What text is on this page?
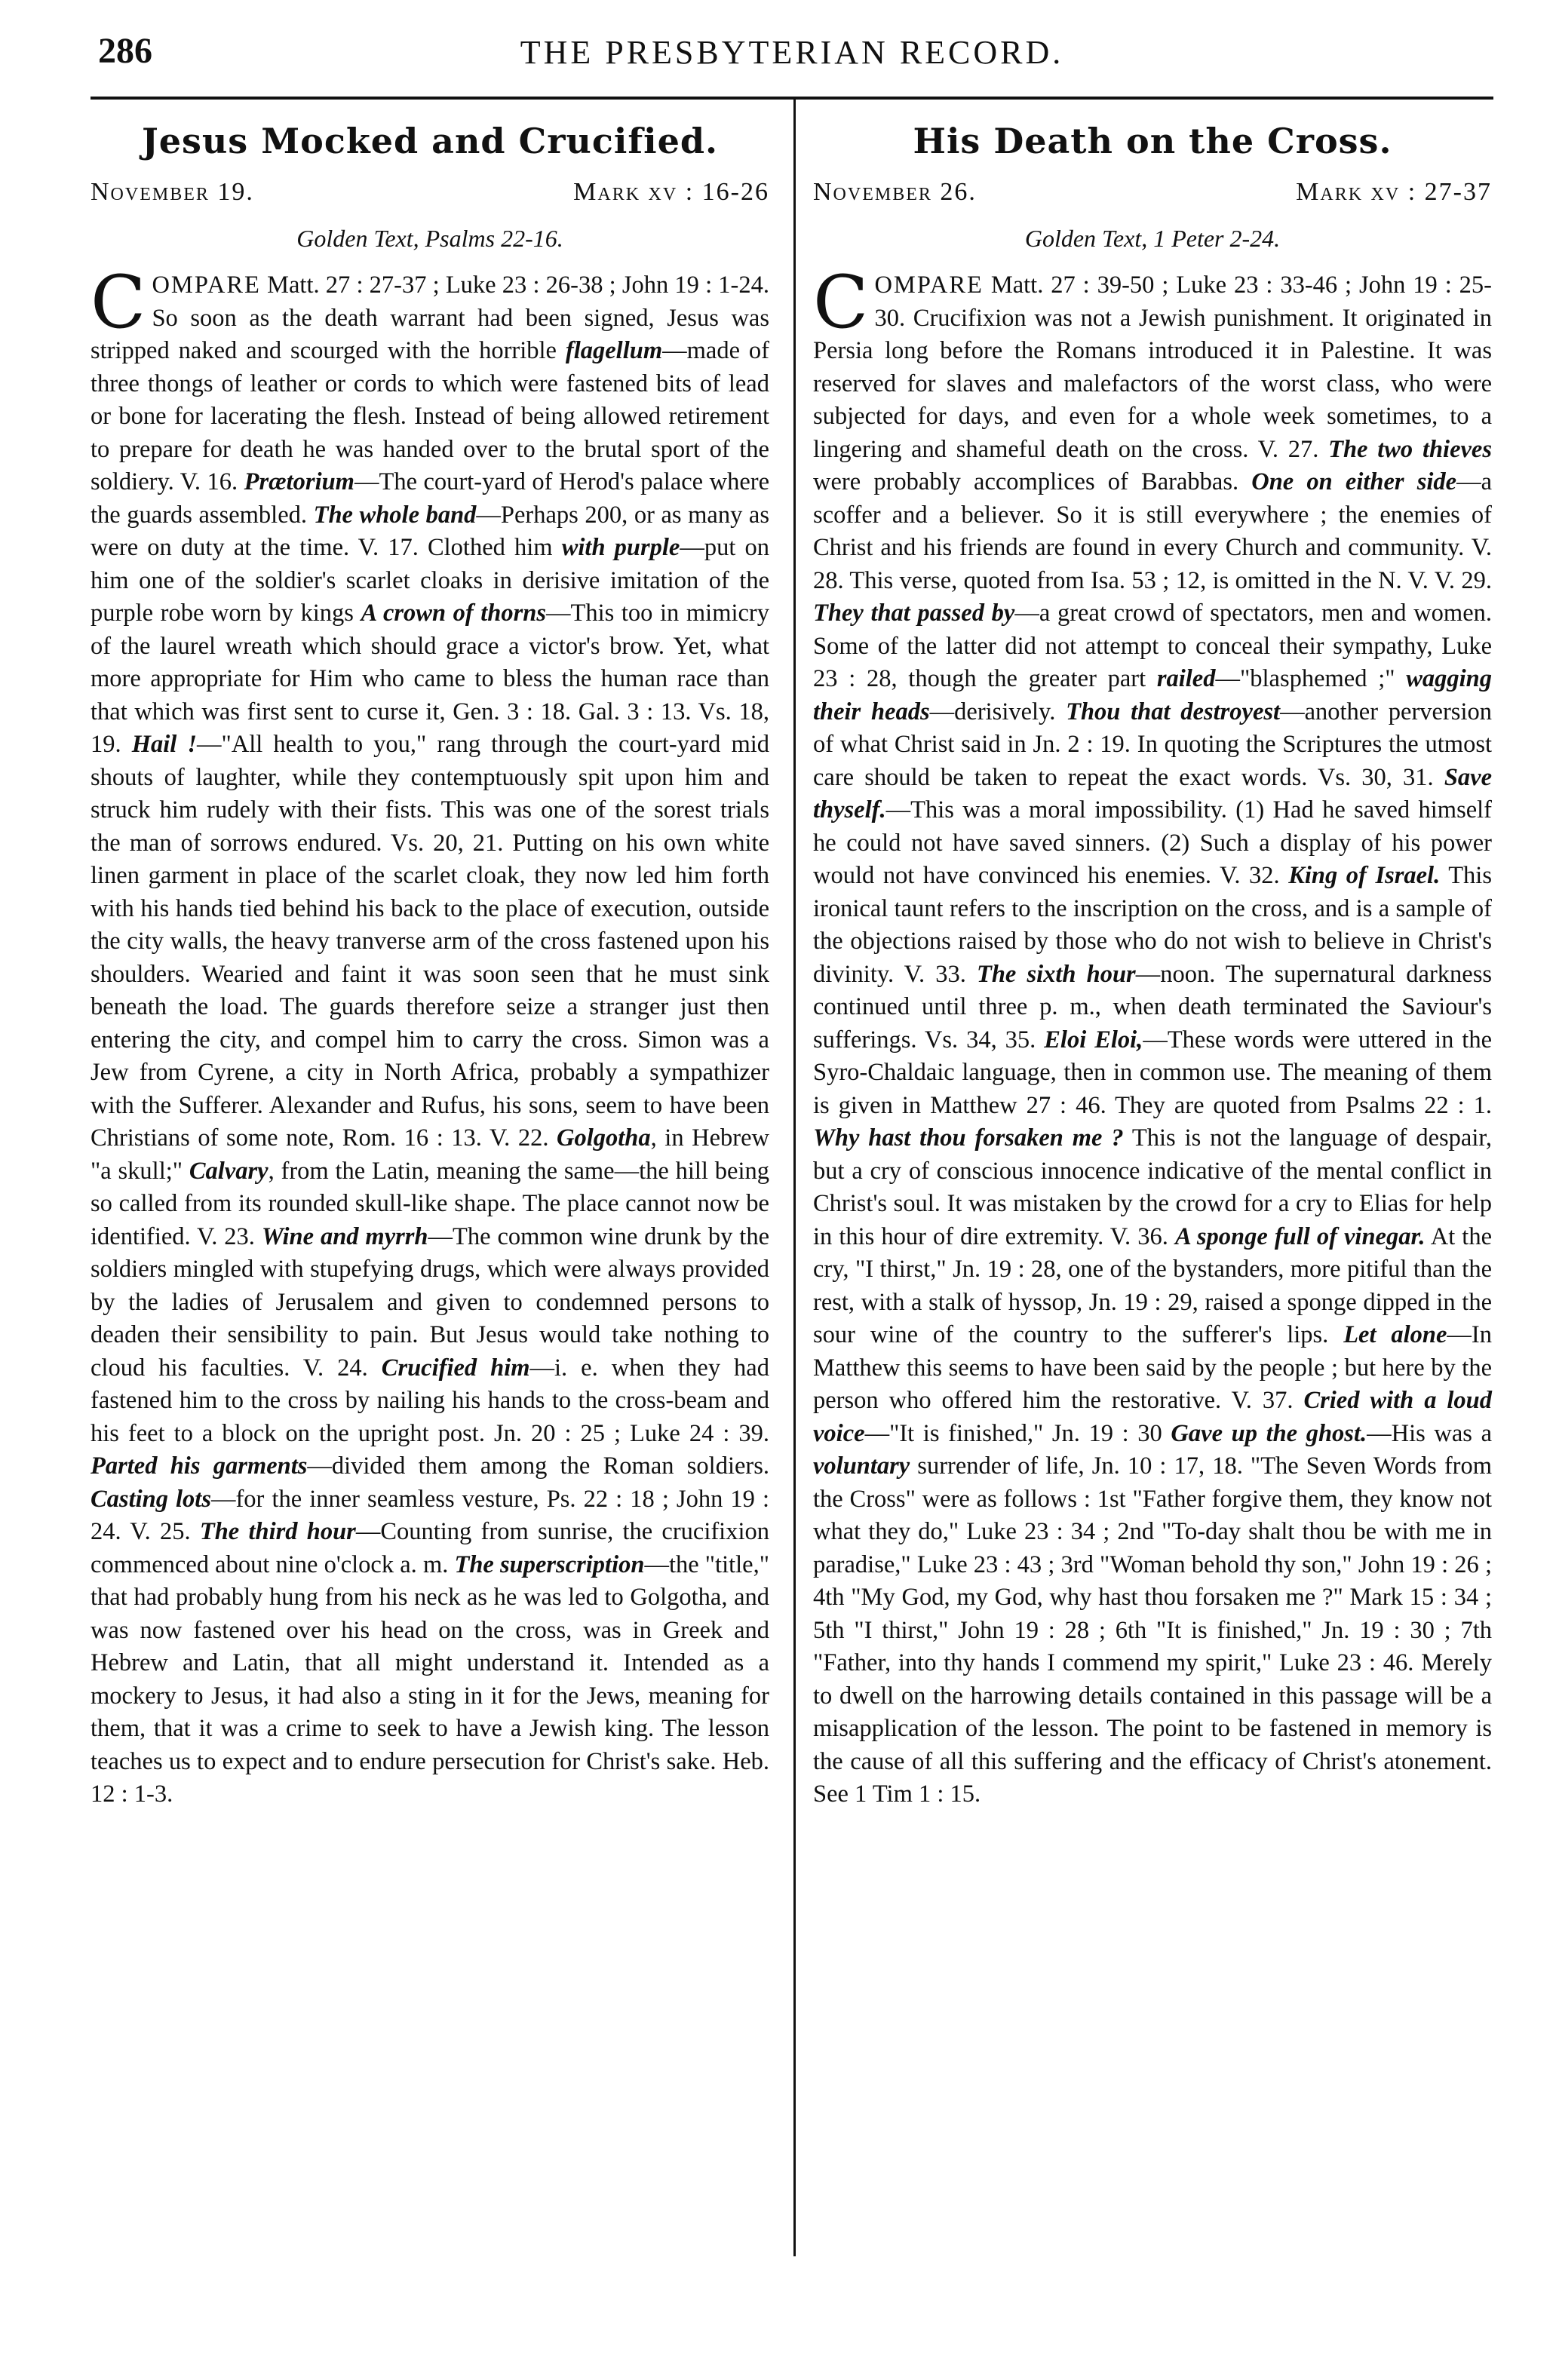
286	THE PRESBYTERIAN RECORD.
Jesus Mocked and Crucified.
November 19.	Mark xv : 16-26
Golden Text, Psalms 22-16.

COMPARE Matt. 27 : 27-37 ; Luke 23 : 26-38 ; John 19 : 1-24. So soon as the death warrant had been signed, Jesus was stripped naked and scourged with the horrible flagellum—made of three thongs of leather or cords to which were fastened bits of lead or bone for lacerating the flesh. Instead of being allowed retirement to prepare for death he was handed over to the brutal sport of the soldiery. V. 16. Prætorium—The court-yard of Herod's palace where the guards assembled. The whole band—Perhaps 200, or as many as were on duty at the time. V. 17. Clothed him with purple—put on him one of the soldier's scarlet cloaks in derisive imitation of the purple robe worn by kings A crown of thorns—This too in mimicry of the laurel wreath which should grace a victor's brow. Yet, what more appropriate for Him who came to bless the human race than that which was first sent to curse it, Gen. 3 : 18. Gal. 3 : 13. Vs. 18, 19. Hail !—"All health to you," rang through the court-yard mid shouts of laughter, while they contemptuously spit upon him and struck him rudely with their fists. This was one of the sorest trials the man of sorrows endured. Vs. 20, 21. Putting on his own white linen garment in place of the scarlet cloak, they now led him forth with his hands tied behind his back to the place of execution, outside the city walls, the heavy tranverse arm of the cross fastened upon his shoulders. Wearied and faint it was soon seen that he must sink beneath the load. The guards therefore seize a stranger just then entering the city, and compel him to carry the cross. Simon was a Jew from Cyrene, a city in North Africa, probably a sympathizer with the Sufferer. Alexander and Rufus, his sons, seem to have been Christians of some note, Rom. 16 : 13. V. 22. Golgotha, in Hebrew "a skull;" Calvary, from the Latin, meaning the same—the hill being so called from its rounded skull-like shape. The place cannot now be identified. V. 23. Wine and myrrh—The common wine drunk by the soldiers mingled with stupefying drugs, which were always provided by the ladies of Jerusalem and given to condemned persons to deaden their sensibility to pain. But Jesus would take nothing to cloud his faculties. V. 24. Crucified him—i. e. when they had fastened him to the cross by nailing his hands to the cross-beam and his feet to a block on the upright post. Jn. 20 : 25 ; Luke 24 : 39. Parted his garments—divided them among the Roman soldiers. Casting lots—for the inner seamless vesture, Ps. 22 : 18 ; John 19 : 24. V. 25. The third hour—Counting from sunrise, the crucifixion commenced about nine o'clock a. m. The superscription—the "title," that had probably hung from his neck as he was led to Golgotha, and was now fastened over his head on the cross, was in Greek and Hebrew and Latin, that all might understand it. Intended as a mockery to Jesus, it had also a sting in it for the Jews, meaning for them, that it was a crime to seek to have a Jewish king. The lesson teaches us to expect and to endure persecution for Christ's sake. Heb. 12 : 1-3.

His Death on the Cross.
November 26.	Mark xv : 27-37
Golden Text, 1 Peter 2-24.

COMPARE Matt. 27 : 39-50 ; Luke 23 : 33-46 ; John 19 : 25-30. Crucifixion was not a Jewish punishment. It originated in Persia long before the Romans introduced it in Palestine. It was reserved for slaves and malefactors of the worst class, who were subjected for days, and even for a whole week sometimes, to a lingering and shameful death on the cross. V. 27. The two thieves were probably accomplices of Barabbas. One on either side—a scoffer and a believer. So it is still everywhere ; the enemies of Christ and his friends are found in every Church and community. V. 28. This verse, quoted from Isa. 53 ; 12, is omitted in the N. V. V. 29. They that passed by—a great crowd of spectators, men and women. Some of the latter did not attempt to conceal their sympathy, Luke 23 : 28, though the greater part railed—"blasphemed ;" wagging their heads—derisively. Thou that destroyest—another perversion of what Christ said in Jn. 2 : 19. In quoting the Scriptures the utmost care should be taken to repeat the exact words. Vs. 30, 31. Save thyself.—This was a moral impossibility. (1) Had he saved himself he could not have saved sinners. (2) Such a display of his power would not have convinced his enemies. V. 32. King of Israel. This ironical taunt refers to the inscription on the cross, and is a sample of the objections raised by those who do not wish to believe in Christ's divinity. V. 33. The sixth hour—noon. The supernatural darkness continued until three p. m., when death terminated the Saviour's sufferings. Vs. 34, 35. Eloi Eloi,—These words were uttered in the Syro-Chaldaic language, then in common use. The meaning of them is given in Matthew 27 : 46. They are quoted from Psalms 22 : 1. Why hast thou forsaken me ? This is not the language of despair, but a cry of conscious innocence indicative of the mental conflict in Christ's soul. It was mistaken by the crowd for a cry to Elias for help in this hour of dire extremity. V. 36. A sponge full of vinegar. At the cry, "I thirst," Jn. 19 : 28, one of the bystanders, more pitiful than the rest, with a stalk of hyssop, Jn. 19 : 29, raised a sponge dipped in the sour wine of the country to the sufferer's lips. Let alone—In Matthew this seems to have been said by the people ; but here by the person who offered him the restorative. V. 37. Cried with a loud voice—"It is finished," Jn. 19 : 30 Gave up the ghost.—His was a voluntary surrender of life, Jn. 10 : 17, 18. "The Seven Words from the Cross" were as follows : 1st "Father forgive them, they know not what they do," Luke 23 : 34 ; 2nd "To-day shalt thou be with me in paradise," Luke 23 : 43 ; 3rd "Woman behold thy son," John 19 : 26 ; 4th "My God, my God, why hast thou forsaken me ?" Mark 15 : 34 ; 5th "I thirst," John 19 : 28 ; 6th "It is finished," Jn. 19 : 30 ; 7th "Father, into thy hands I commend my spirit," Luke 23 : 46. Merely to dwell on the harrowing details contained in this passage will be a misapplication of the lesson. The point to be fastened in memory is the cause of all this suffering and the efficacy of Christ's atonement. See 1 Tim 1 : 15.
